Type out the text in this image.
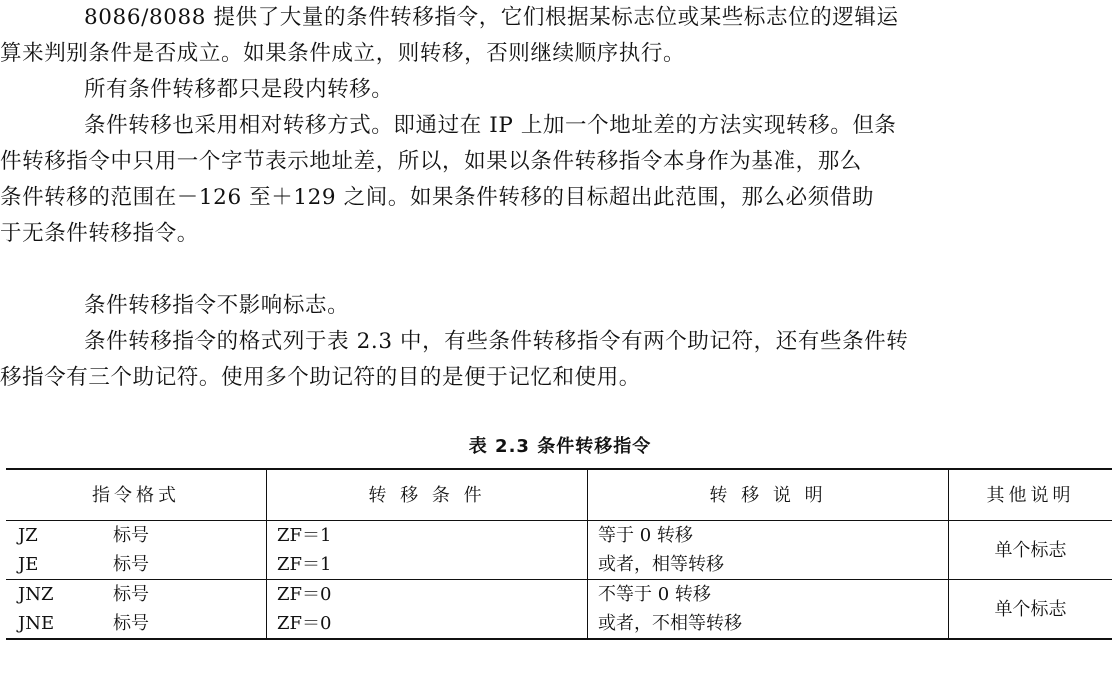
8086/8088 提供了大量的条件转移指令，它们根据某标志位或某些标志位的逻辑运
算来判别条件是否成立。如果条件成立，则转移，否则继续顺序执行。
所有条件转移都只是段内转移。
条件转移也采用相对转移方式。即通过在 IP 上加一个地址差的方法实现转移。但条
件转移指令中只用一个字节表示地址差，所以，如果以条件转移指令本身作为基准，那么
条件转移的范围在－126 至＋129 之间。如果条件转移的目标超出此范围，那么必须借助
于无条件转移指令。
条件转移指令不影响标志。
条件转移指令的格式列于表 2.3 中，有些条件转移指令有两个助记符，还有些条件转
移指令有三个助记符。使用多个助记符的目的是便于记忆和使用。
表 2.3 条件转移指令
指令格式	转 移 条 件	转 移 说 明	其他说明
JZ 标号	ZF＝1	等于 0 转移	单个标志
JE 标号	ZF＝1	或者，相等转移	
JNZ 标号	ZF＝0	不等于 0 转移	单个标志
JNE 标号	ZF＝0	或者，不相等转移	
